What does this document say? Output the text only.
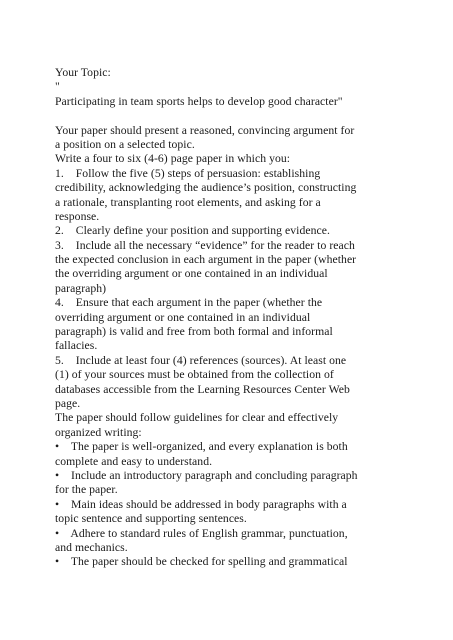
Your Topic:
"
Participating in team sports helps to develop good character"
Your paper should present a reasoned, convincing argument for
a position on a selected topic.
Write a four to six (4-6) page paper in which you:
1.    Follow the five (5) steps of persuasion: establishing
credibility, acknowledging the audience’s position, constructing
a rationale, transplanting root elements, and asking for a
response.
2.    Clearly define your position and supporting evidence.
3.    Include all the necessary “evidence” for the reader to reach
the expected conclusion in each argument in the paper (whether
the overriding argument or one contained in an individual
paragraph)
4.    Ensure that each argument in the paper (whether the
overriding argument or one contained in an individual
paragraph) is valid and free from both formal and informal
fallacies.
5.    Include at least four (4) references (sources). At least one
(1) of your sources must be obtained from the collection of
databases accessible from the Learning Resources Center Web
page.
The paper should follow guidelines for clear and effectively
organized writing:
•    The paper is well-organized, and every explanation is both
complete and easy to understand.
•    Include an introductory paragraph and concluding paragraph
for the paper.
•    Main ideas should be addressed in body paragraphs with a
topic sentence and supporting sentences.
•    Adhere to standard rules of English grammar, punctuation,
and mechanics.
•    The paper should be checked for spelling and grammatical
